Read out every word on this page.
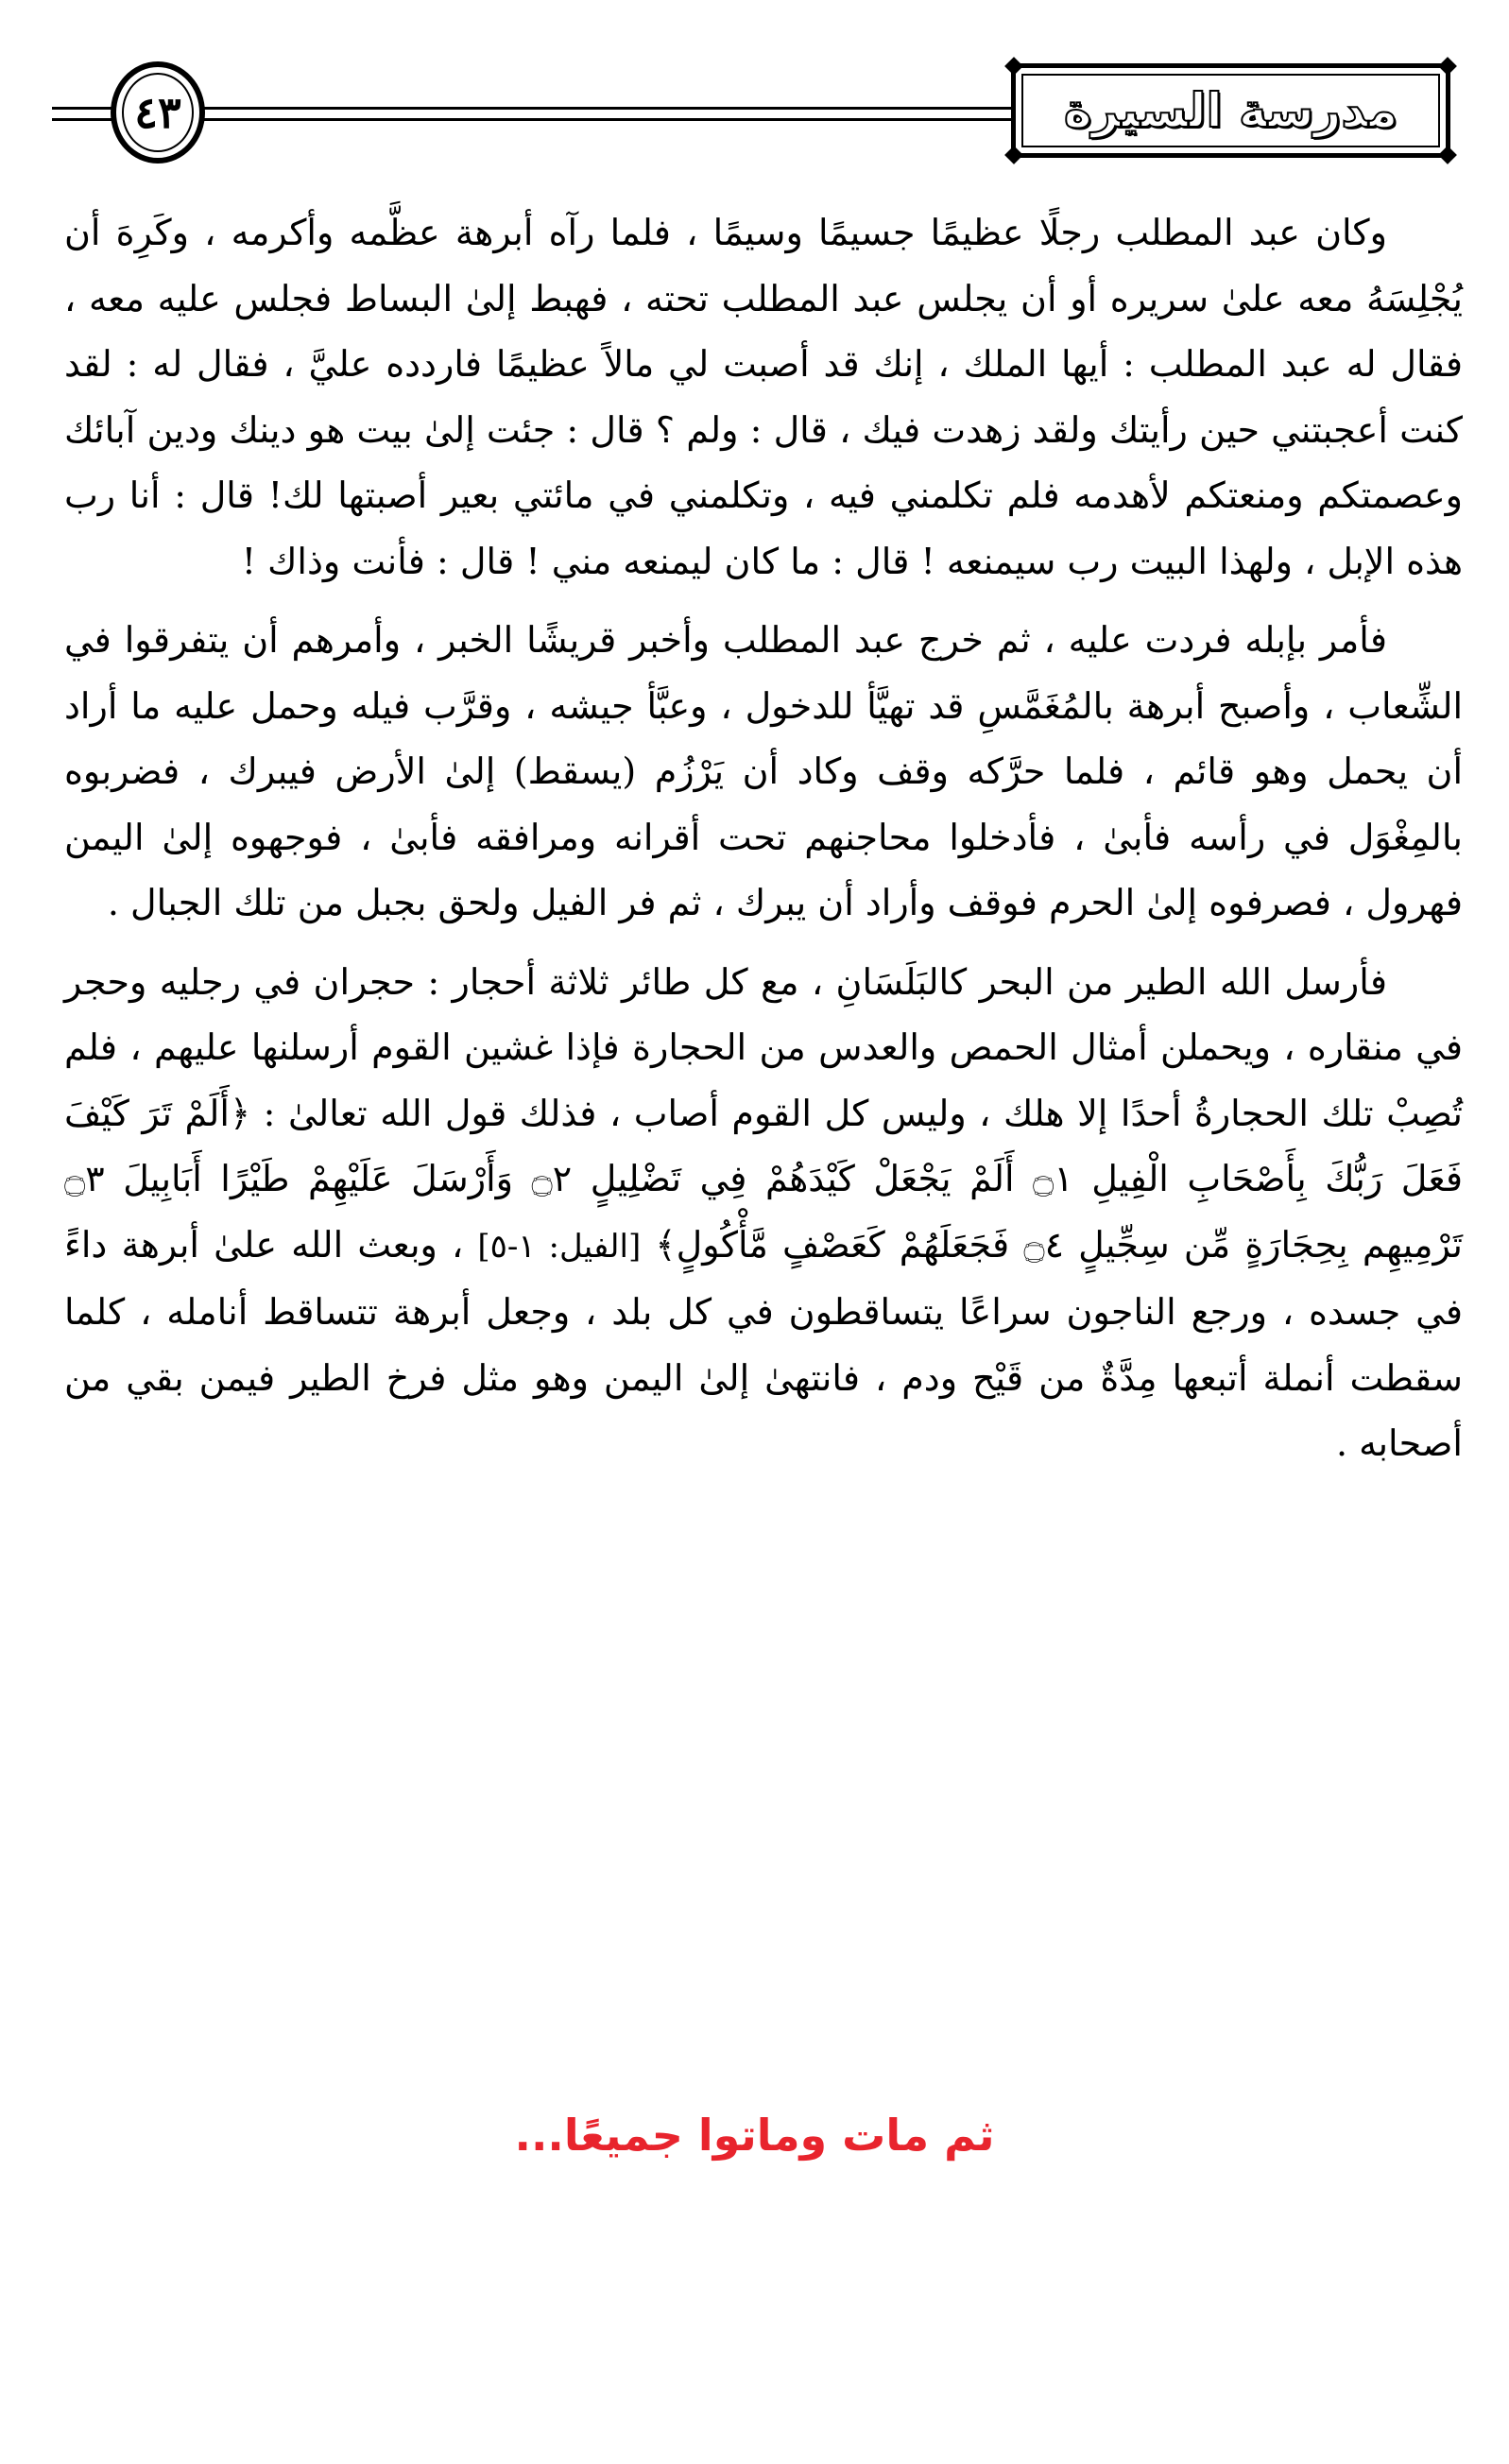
٤٣	مدرسة السيرة

وكان عبد المطلب رجلًا عظيمًا جسيمًا وسيمًا ، فلما رآه أبرهة عظَّمه وأكرمه ، وكَرِهَ أن يُجْلِسَهُ معه علىٰ سريره أو أن يجلس عبد المطلب تحته ، فهبط إلىٰ البساط فجلس عليه معه ، فقال له عبد المطلب : أيها الملك ، إنك قد أصبت لي مالاً عظيمًا فاردده عليَّ ، فقال له : لقد كنت أعجبتني حين رأيتك ولقد زهدت فيك ، قال : ولم ؟ قال : جئت إلىٰ بيت هو دينك ودين آبائك وعصمتكم ومنعتكم لأهدمه فلم تكلمني فيه ، وتكلمني في مائتي بعير أصبتها لك! قال : أنا رب هذه الإبل ، ولهذا البيت رب سيمنعه ! قال : ما كان ليمنعه مني ! قال : فأنت وذاك !

فأمر بإبله فردت عليه ، ثم خرج عبد المطلب وأخبر قريشًا الخبر ، وأمرهم أن يتفرقوا في الشِّعاب ، وأصبح أبرهة بالمُغَمَّسِ قد تهيَّأ للدخول ، وعبَّأ جيشه ، وقرَّب فيله وحمل عليه ما أراد أن يحمل وهو قائم ، فلما حرَّكه وقف وكاد أن يَرْزُم (يسقط) إلىٰ الأرض فيبرك ، فضربوه بالمِغْوَل في رأسه فأبىٰ ، فأدخلوا محاجنهم تحت أقرانه ومرافقه فأبىٰ ، فوجهوه إلىٰ اليمن فهرول ، فصرفوه إلىٰ الحرم فوقف وأراد أن يبرك ، ثم فر الفيل ولحق بجبل من تلك الجبال .

فأرسل الله الطير من البحر كالبَلَسَانِ ، مع كل طائر ثلاثة أحجار : حجران في رجليه وحجر في منقاره ، ويحملن أمثال الحمص والعدس من الحجارة فإذا غشين القوم أرسلنها عليهم ، فلم تُصِبْ تلك الحجارةُ أحدًا إلا هلك ، وليس كل القوم أصاب ، فذلك قول الله تعالىٰ : ﴿أَلَمْ تَرَ كَيْفَ فَعَلَ رَبُّكَ بِأَصْحَابِ الْفِيلِ ۝١ أَلَمْ يَجْعَلْ كَيْدَهُمْ فِي تَضْلِيلٍ ۝٢ وَأَرْسَلَ عَلَيْهِمْ طَيْرًا أَبَابِيلَ ۝٣ تَرْمِيهِم بِحِجَارَةٍ مِّن سِجِّيلٍ ۝٤ فَجَعَلَهُمْ كَعَصْفٍ مَّأْكُولٍ﴾ [الفيل: ١-٥] ، وبعث الله علىٰ أبرهة داءً في جسده ، ورجع الناجون سراعًا يتساقطون في كل بلد ، وجعل أبرهة تتساقط أنامله ، كلما سقطت أنملة أتبعها مِدَّةٌ من قَيْح ودم ، فانتهىٰ إلىٰ اليمن وهو مثل فرخ الطير فيمن بقي من أصحابه .

ثم مات وماتوا جميعًا...
